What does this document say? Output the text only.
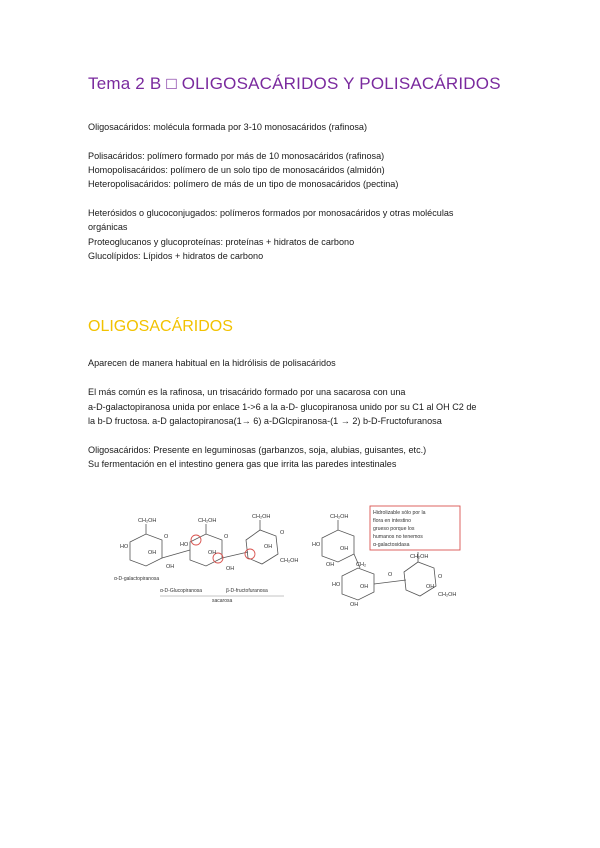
Tema 2 B □ OLIGOSACÁRIDOS Y POLISACÁRIDOS
Oligosacáridos: molécula formada por 3-10 monosacáridos (rafinosa)
Polisacáridos: polímero formado por más de 10 monosacáridos (rafinosa)
Homopolisacáridos: polímero de un solo tipo de monosacáridos (almidón)
Heteropolisacáridos: polímero de más de un tipo de monosacáridos (pectina)
Heterósidos o glucoconjugados: polímeros formados por monosacáridos y otras moléculas
orgánicas
Proteoglucanos y glucoproteínas: proteínas + hidratos de carbono
Glucolípidos: Lípidos + hidratos de carbono
OLIGOSACÁRIDOS
Aparecen de manera habitual en la hidrólisis de polisacáridos
El más común es la rafinosa, un trisacárido formado por una sacarosa con una
a-D-galactopiranosa unida por enlace 1->6 a la a-D- glucopiranosa unido por su C1 al OH C2 de
la b-D fructosa. a-D galactopiranosa(1→ 6) a-DGlcpiranosa-(1 → 2) b-D-Fructofuranosa
Oligosacáridos: Presente en leguminosas (garbanzos, soja, alubias, guisantes, etc.)
Su fermentación en el intestino genera gas que irrita las paredes intestinales
Hidrolizable sólo por la
flora en intestino
grueso porque los
humanos no tenemos
α-galactosidasa
CH₂OH	CH₂OH
CH₂OH
HO	HO
OH
OH
OH
OH
OH
CH₂OH
O	O
O
CH₂OH
HO
OH
OH	CH₂
HO	OH
OH
CH₂OH
O
OH
CH₂OH
O
α-D-galactopiranosa
α-D-Glucopiranosa	β-D-fructofuranosa
sacarosa
